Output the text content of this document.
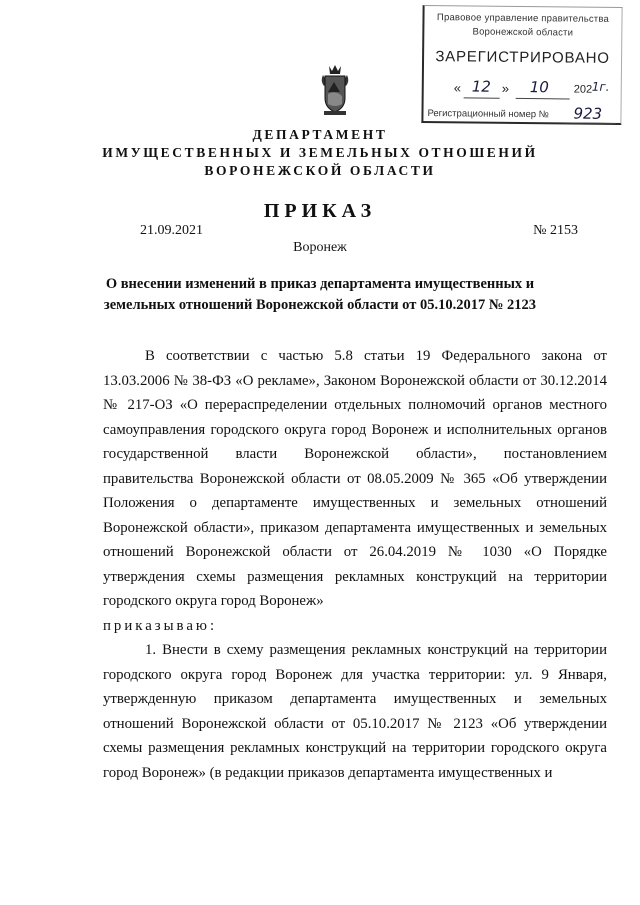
Правовое управление правительства
Воронежской области
ЗАРЕГИСТРИРОВАНО
« 12 » 10 202 1г.
Регистрационный номер № 923
ДЕПАРТАМЕНТ
ИМУЩЕСТВЕННЫХ И ЗЕМЕЛЬНЫХ ОТНОШЕНИЙ
ВОРОНЕЖСКОЙ ОБЛАСТИ
ПРИКАЗ
21.09.2021	№ 2153
Воронеж
О внесении изменений в приказ департамента имущественных и
земельных отношений Воронежской области от 05.10.2017 № 2123

В соответствии с частью 5.8 статьи 19 Федерального закона от 13.03.2006 № 38-ФЗ «О рекламе», Законом Воронежской области от 30.12.2014 № 217-ОЗ «О перераспределении отдельных полномочий органов местного самоуправления городского округа город Воронеж и исполнительных органов государственной власти Воронежской области», постановлением правительства Воронежской области от 08.05.2009 № 365 «Об утверждении Положения о департаменте имущественных и земельных отношений Воронежской области», приказом департамента имущественных и земельных отношений Воронежской области от 26.04.2019 № 1030 «О Порядке утверждения схемы размещения рекламных конструкций на территории городского округа город Воронеж»

приказываю:

1. Внести в схему размещения рекламных конструкций на территории городского округа город Воронеж для участка территории: ул. 9 Января, утвержденную приказом департамента имущественных и земельных отношений Воронежской области от 05.10.2017 № 2123 «Об утверждении схемы размещения рекламных конструкций на территории городского округа город Воронеж» (в редакции приказов департамента имущественных и
